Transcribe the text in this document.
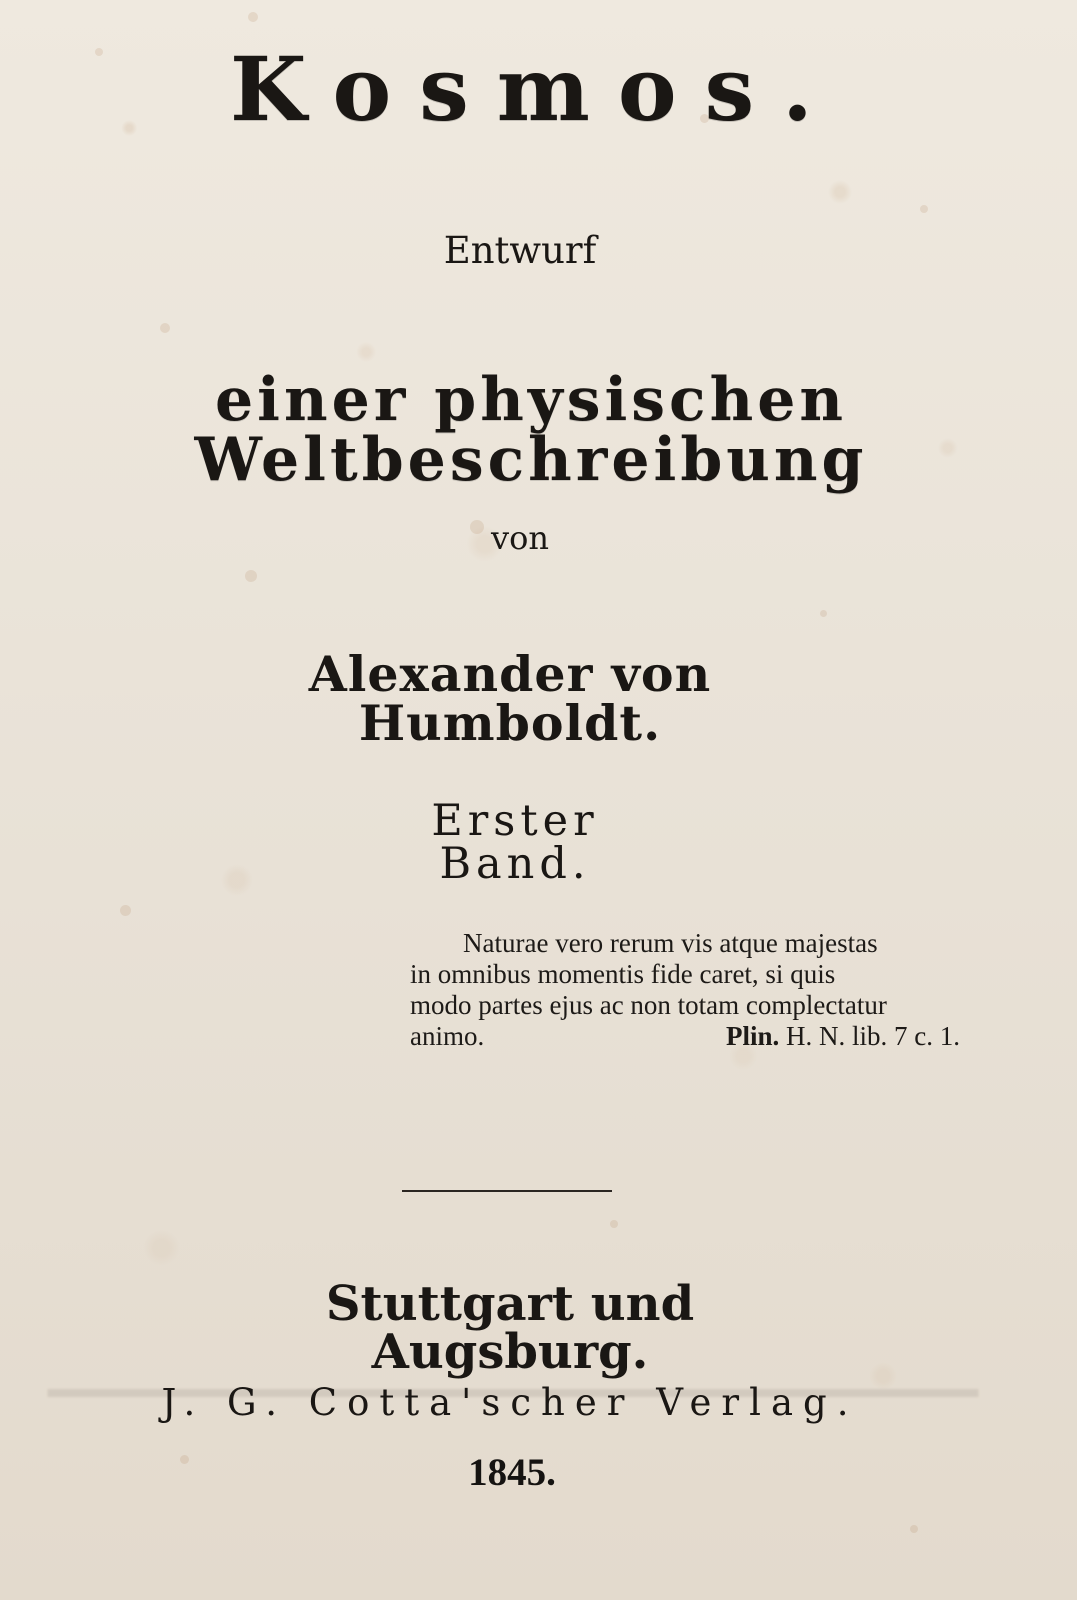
Kosmos.
Entwurf
einer physischen Weltbeschreibung
von
Alexander von Humboldt.
Erster Band.
Naturae vero rerum vis atque majestas
in omnibus momentis fide caret, si quis
modo partes ejus ac non totam complectatur
animo.	Plin. H. N. lib. 7 c. 1.
Stuttgart und Augsburg.
J. G. Cotta'scher Verlag.
1845.
